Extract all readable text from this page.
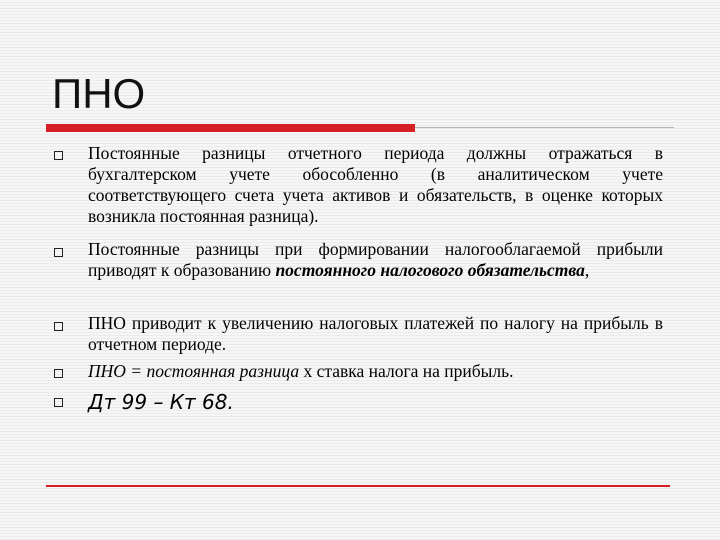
ПНО

Постоянные разницы отчетного периода должны отражаться в бухгалтерском учете обособленно (в аналитическом учете соответствующего счета учета активов и обязательств, в оценке которых возникла постоянная разница).

Постоянные разницы при формировании налогооблагаемой прибыли приводят к образованию постоянного налогового обязательства,

ПНО приводит к увеличению налоговых платежей по налогу на прибыль в отчетном периоде.

ПНО = постоянная разница х ставка налога на прибыль.

Дт 99 – Кт 68.
